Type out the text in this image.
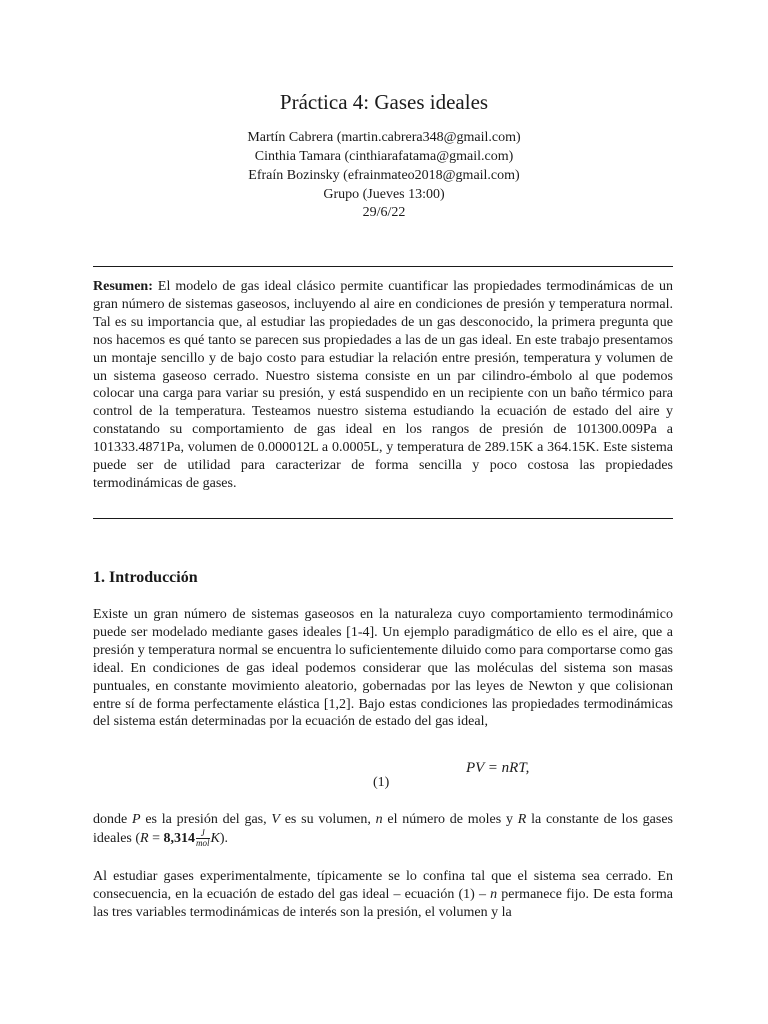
Práctica 4: Gases ideales
Martín Cabrera (martin.cabrera348@gmail.com)
Cinthia Tamara (cinthiarafatama@gmail.com)
Efraín Bozinsky (efrainmateo2018@gmail.com)
Grupo (Jueves 13:00)
29/6/22
Resumen: El modelo de gas ideal clásico permite cuantificar las propiedades termodinámicas de un gran número de sistemas gaseosos, incluyendo al aire en condiciones de presión y temperatura normal. Tal es su importancia que, al estudiar las propiedades de un gas desconocido, la primera pregunta que nos hacemos es qué tanto se parecen sus propiedades a las de un gas ideal. En este trabajo presentamos un montaje sencillo y de bajo costo para estudiar la relación entre presión, temperatura y volumen de un sistema gaseoso cerrado. Nuestro sistema consiste en un par cilindro-émbolo al que podemos colocar una carga para variar su presión, y está suspendido en un recipiente con un baño térmico para control de la temperatura. Testeamos nuestro sistema estudiando la ecuación de estado del aire y constatando su comportamiento de gas ideal en los rangos de presión de 101300.009Pa a 101333.4871Pa, volumen de 0.000012L a 0.0005L, y temperatura de 289.15K a 364.15K. Este sistema puede ser de utilidad para caracterizar de forma sencilla y poco costosa las propiedades termodinámicas de gases.
1. Introducción
Existe un gran número de sistemas gaseosos en la naturaleza cuyo comportamiento termodinámico puede ser modelado mediante gases ideales [1-4]. Un ejemplo paradigmático de ello es el aire, que a presión y temperatura normal se encuentra lo suficientemente diluido como para comportarse como gas ideal. En condiciones de gas ideal podemos considerar que las moléculas del sistema son masas puntuales, en constante movimiento aleatorio, gobernadas por las leyes de Newton y que colisionan entre sí de forma perfectamente elástica [1,2]. Bajo estas condiciones las propiedades termodinámicas del sistema están determinadas por la ecuación de estado del gas ideal,
PV = nRT,
(1)
donde P es la presión del gas, V es su volumen, n el número de moles y R la constante de los gases ideales $(R = 8,314 \frac{J}{\text{mol}} K)$.
Al estudiar gases experimentalmente, típicamente se lo confina tal que el sistema sea cerrado. En consecuencia, en la ecuación de estado del gas ideal – ecuación (1) – n permanece fijo. De esta forma las tres variables termodinámicas de interés son la presión, el volumen y la
